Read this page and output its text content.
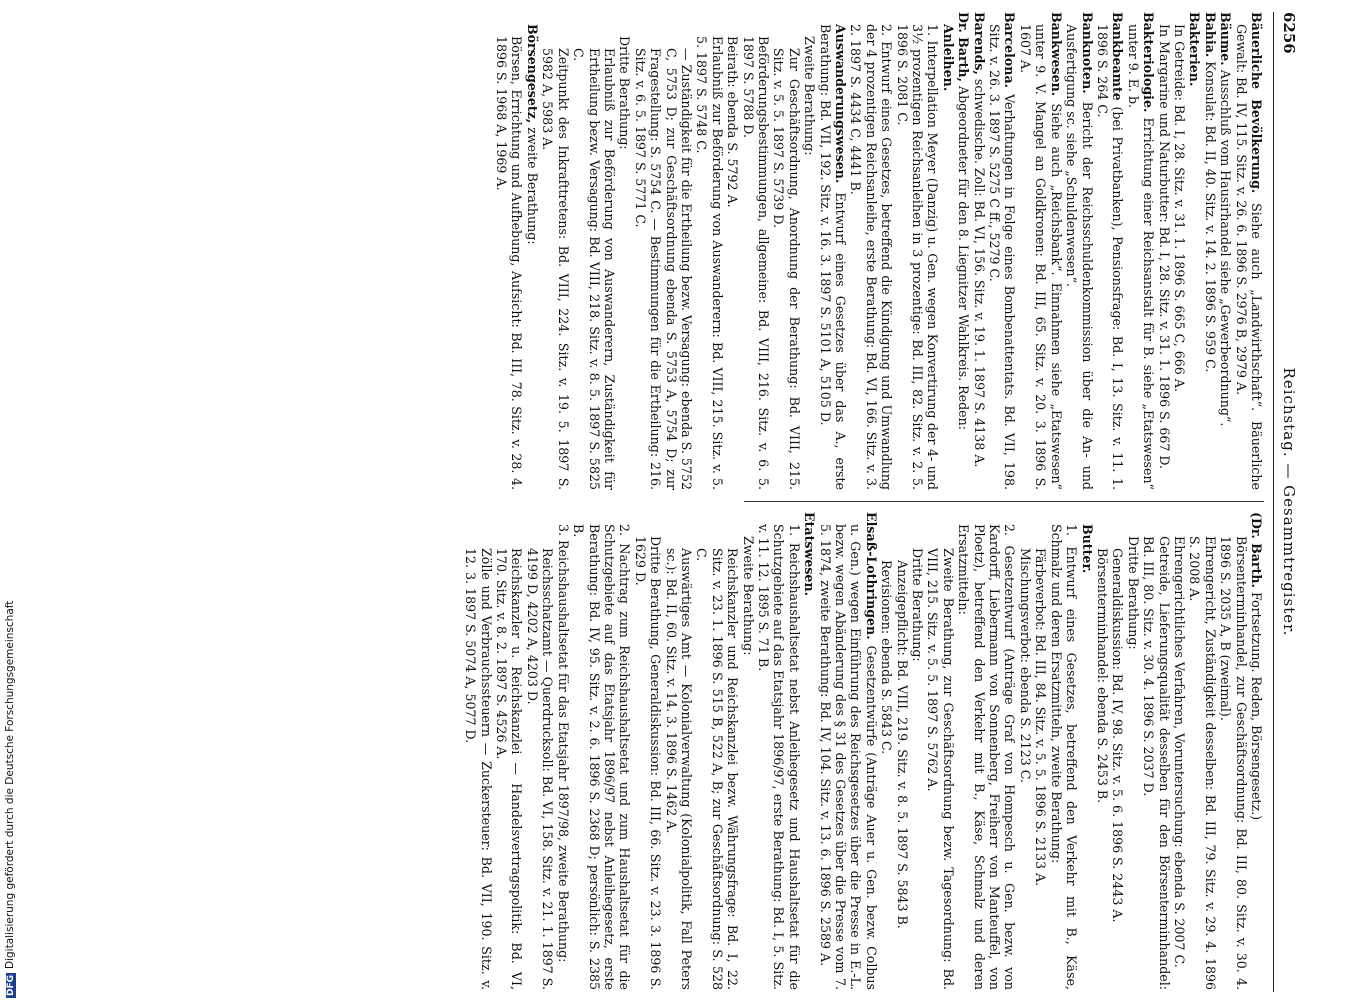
6256
Reichstag. — Gesammtregister.

Bäuerliche Bevölkerung. Siehe auch „Landwirthschaft“. Bäuerliche Gewalt: Bd. IV, 115. Sitz. v. 26. 6. 1896 S. 2976 B, 2979 A.

Bäume. Ausschluß vom Hausirhandel siehe „Gewerbeordnung“.

Bahia. Konsulat: Bd. II, 40. Sitz. v. 14. 2. 1896 S. 959 C.

Bakterien.

In Getreide: Bd. I, 28. Sitz. v. 31. 1. 1896 S. 665 C, 666 A.

In Margarine und Naturbutter: Bd. I, 28. Sitz. v. 31. 1. 1896 S. 667 D.

Bakteriologie. Errichtung einer Reichsanstalt für B. siehe „Etatswesen“ unter 9. E. b.

Bankbeamte (bei Privatbanken), Pensionsfrage: Bd. I, 13. Sitz. v. 11. 1. 1896 S. 264 C.

Banknoten. Bericht der Reichsschuldenkommission über die An- und Ausfertigung sc. siehe „Schuldenwesen“.

Bankwesen. Siehe auch „Reichsbank“. Einnahmen siehe „Etatswesen“ unter 9. V. Mangel an Goldkronen: Bd. III, 65. Sitz. v. 20. 3. 1896 S. 1607 A.

Barcelona. Verhaftungen in Folge eines Bombenattentats. Bd. VII, 198. Sitz. v. 26. 3. 1897 S. 5275 C ff., 5279 C.

Barends, schwedische. Zoll: Bd. VI, 156. Sitz. v. 19. 1. 1897 S. 4138 A.

Dr. Barth, Abgeordneter für den 8. Liegnitzer Wahlkreis. Reden:

Anleihen.

1. Interpellation Meyer (Danzig) u. Gen. wegen Konvertirung der 4- und 3½ prozentigen Reichsanleihen in 3 prozentige: Bd. III, 82. Sitz. v. 2. 5. 1896 S. 2081 C.

2. Entwurf eines Gesetzes, betreffend die Kündigung und Umwandlung der 4 prozentigen Reichsanleihe, erste Berathung: Bd. VI, 166. Sitz. v. 3. 2. 1897 S. 4434 C, 4441 B.

Auswanderungswesen. Entwurf eines Gesetzes über das A., erste Berathung: Bd. VII, 192. Sitz. v. 16. 3. 1897 S. 5101 A, 5105 D.

Zweite Berathung:

Zur Geschäftsordnung, Anordnung der Berathung: Bd. VIII, 215. Sitz. v. 5. 5. 1897 S. 5739 D.

Beförderungsbestimmungen, allgemeine: Bd. VIII, 216. Sitz. v. 6. 5. 1897 S. 5788 D.

Beirath: ebenda S. 5792 A.

Erlaubniß zur Beförderung von Auswanderern: Bd. VIII, 215. Sitz. v. 5. 5. 1897 S. 5748 C.

— Zuständigkeit für die Ertheilung bezw. Versagung: ebenda S. 5752 C, 5753 D; zur Geschäftsordnung ebenda S. 5753 A, 5754 D; zur Fragestellung: S. 5754 C. — Bestimmungen für die Ertheilung: 216. Sitz. v. 6. 5. 1897 S. 5771 C.

Dritte Berathung:

Erlaubniß zur Beförderung von Auswanderern, Zuständigkeit für Ertheilung bezw. Versagung: Bd. VIII, 218. Sitz. v. 8. 5. 1897 S. 5825 C.

Zeitpunkt des Inkrafttretens: Bd. VIII, 224. Sitz. v. 19. 5. 1897 S. 5982 A, 5983 A.

Börsengesetz, zweite Berathung:

Börsen, Errichtung und Aufhebung, Aufsicht: Bd. III, 78. Sitz. v. 28. 4. 1896 S. 1968 A, 1969 A.

(Dr. Barth. Fortsetzung. Reden, Börsengesetz.)

Börsenterminhandel, zur Geschäftsordnung: Bd. III, 80. Sitz. v. 30. 4. 1896 S. 2035 A, B (zweimal).

Ehrengericht, Zuständigkeit desselben: Bd. III, 79. Sitz. v. 29. 4. 1896 S. 2008 A.

Ehrengerichtliches Verfahren, Voruntersuchung: ebenda S. 2007 C.

Getreide, Lieferungsqualität desselben für den Börsenterminhandel: Bd. III, 80. Sitz. v. 30. 4. 1896 S. 2037 D.

Dritte Berathung:

Generaldiskussion: Bd. IV, 98. Sitz. v. 5. 6. 1896 S. 2443 A.

Börsenterminhandel: ebenda S. 2453 B.

Butter.

1. Entwurf eines Gesetzes, betreffend den Verkehr mit B., Käse, Schmalz und deren Ersatzmitteln, zweite Berathung:

Färbeverbot: Bd. III, 84. Sitz. v. 5. 5. 1896 S. 2133 A.

Mischungsverbot: ebenda S. 2123 C.

2. Gesetzentwurf (Anträge Graf von Hompesch u. Gen. bezw. von Kardorff, Liebermann von Sonnenberg, Freiherr von Manteuffel, von Ploetz), betreffend den Verkehr mit B., Käse, Schmalz und deren Ersatzmitteln:

Zweite Berathung, zur Geschäftsordnung bezw. Tagesordnung: Bd. VIII, 215. Sitz. v. 5. 5. 1897 S. 5762 A.

Dritte Berathung:

Anzeigepflicht: Bd. VIII, 219. Sitz. v. 8. 5. 1897 S. 5843 B.

Revisionen: ebenda S. 5843 C.

Elsaß-Lothringen. Gesetzentwürfe (Anträge Auer u. Gen. bezw. Colbus u. Gen.) wegen Einführung des Reichsgesetzes über die Presse in E.-L. bezw. wegen Abänderung des § 31 des Gesetzes über die Presse vom 7. 5. 1874, zweite Berathung: Bd. IV, 104. Sitz. v. 13. 6. 1896 S. 2589 A.

Etatswesen.

1. Reichshaushaltsetat nebst Anleihegesetz und Haushaltsetat für die Schutzgebiete auf das Etatsjahr 1896/97, erste Berathung: Bd. I, 5. Sitz. v. 11. 12. 1895 S. 71 B.

Zweite Berathung:

Reichskanzler und Reichskanzlei bezw. Währungsfrage: Bd. I, 22. Sitz. v. 23. 1. 1896 S. 515 B, 522 A, B; zur Geschäftsordnung: S. 528 C.

Auswärtiges Amt — Kolonialverwaltung (Kolonialpolitik, Fall Peters sc.): Bd. II, 60. Sitz. v. 14. 3. 1896 S. 1462 A.

Dritte Berathung, Generaldiskussion: Bd. III, 66. Sitz. v. 23. 3. 1896 S. 1629 D.

2. Nachtrag zum Reichshaushaltsetat und zum Haushaltsetat für die Schutzgebiete auf das Etatsjahr 1896/97 nebst Anleihegesetz, erste Berathung: Bd. IV, 95. Sitz. v. 2. 6. 1896 S. 2368 D; persönlich: S. 2385 B.

3. Reichshaushaltsetat für das Etatsjahr 1897/98, zweite Berathung:

Reichsschatzamt — Querdrucksoll: Bd. VI, 158. Sitz. v. 21. 1. 1897 S. 4199 D, 4202 A, 4203 D.

Reichskanzler u. Reichskanzlei — Handelsvertragspolitik: Bd. VI, 170. Sitz. v. 8. 2. 1897 S. 4526 A.

Zölle und Verbrauchssteuern — Zuckersteuer: Bd. VII, 190. Sitz. v. 12. 3. 1897 S. 5074 A, 5077 D.

DFGDigitalisierung gefördert durch die Deutsche Forschungsgemeinschaft
